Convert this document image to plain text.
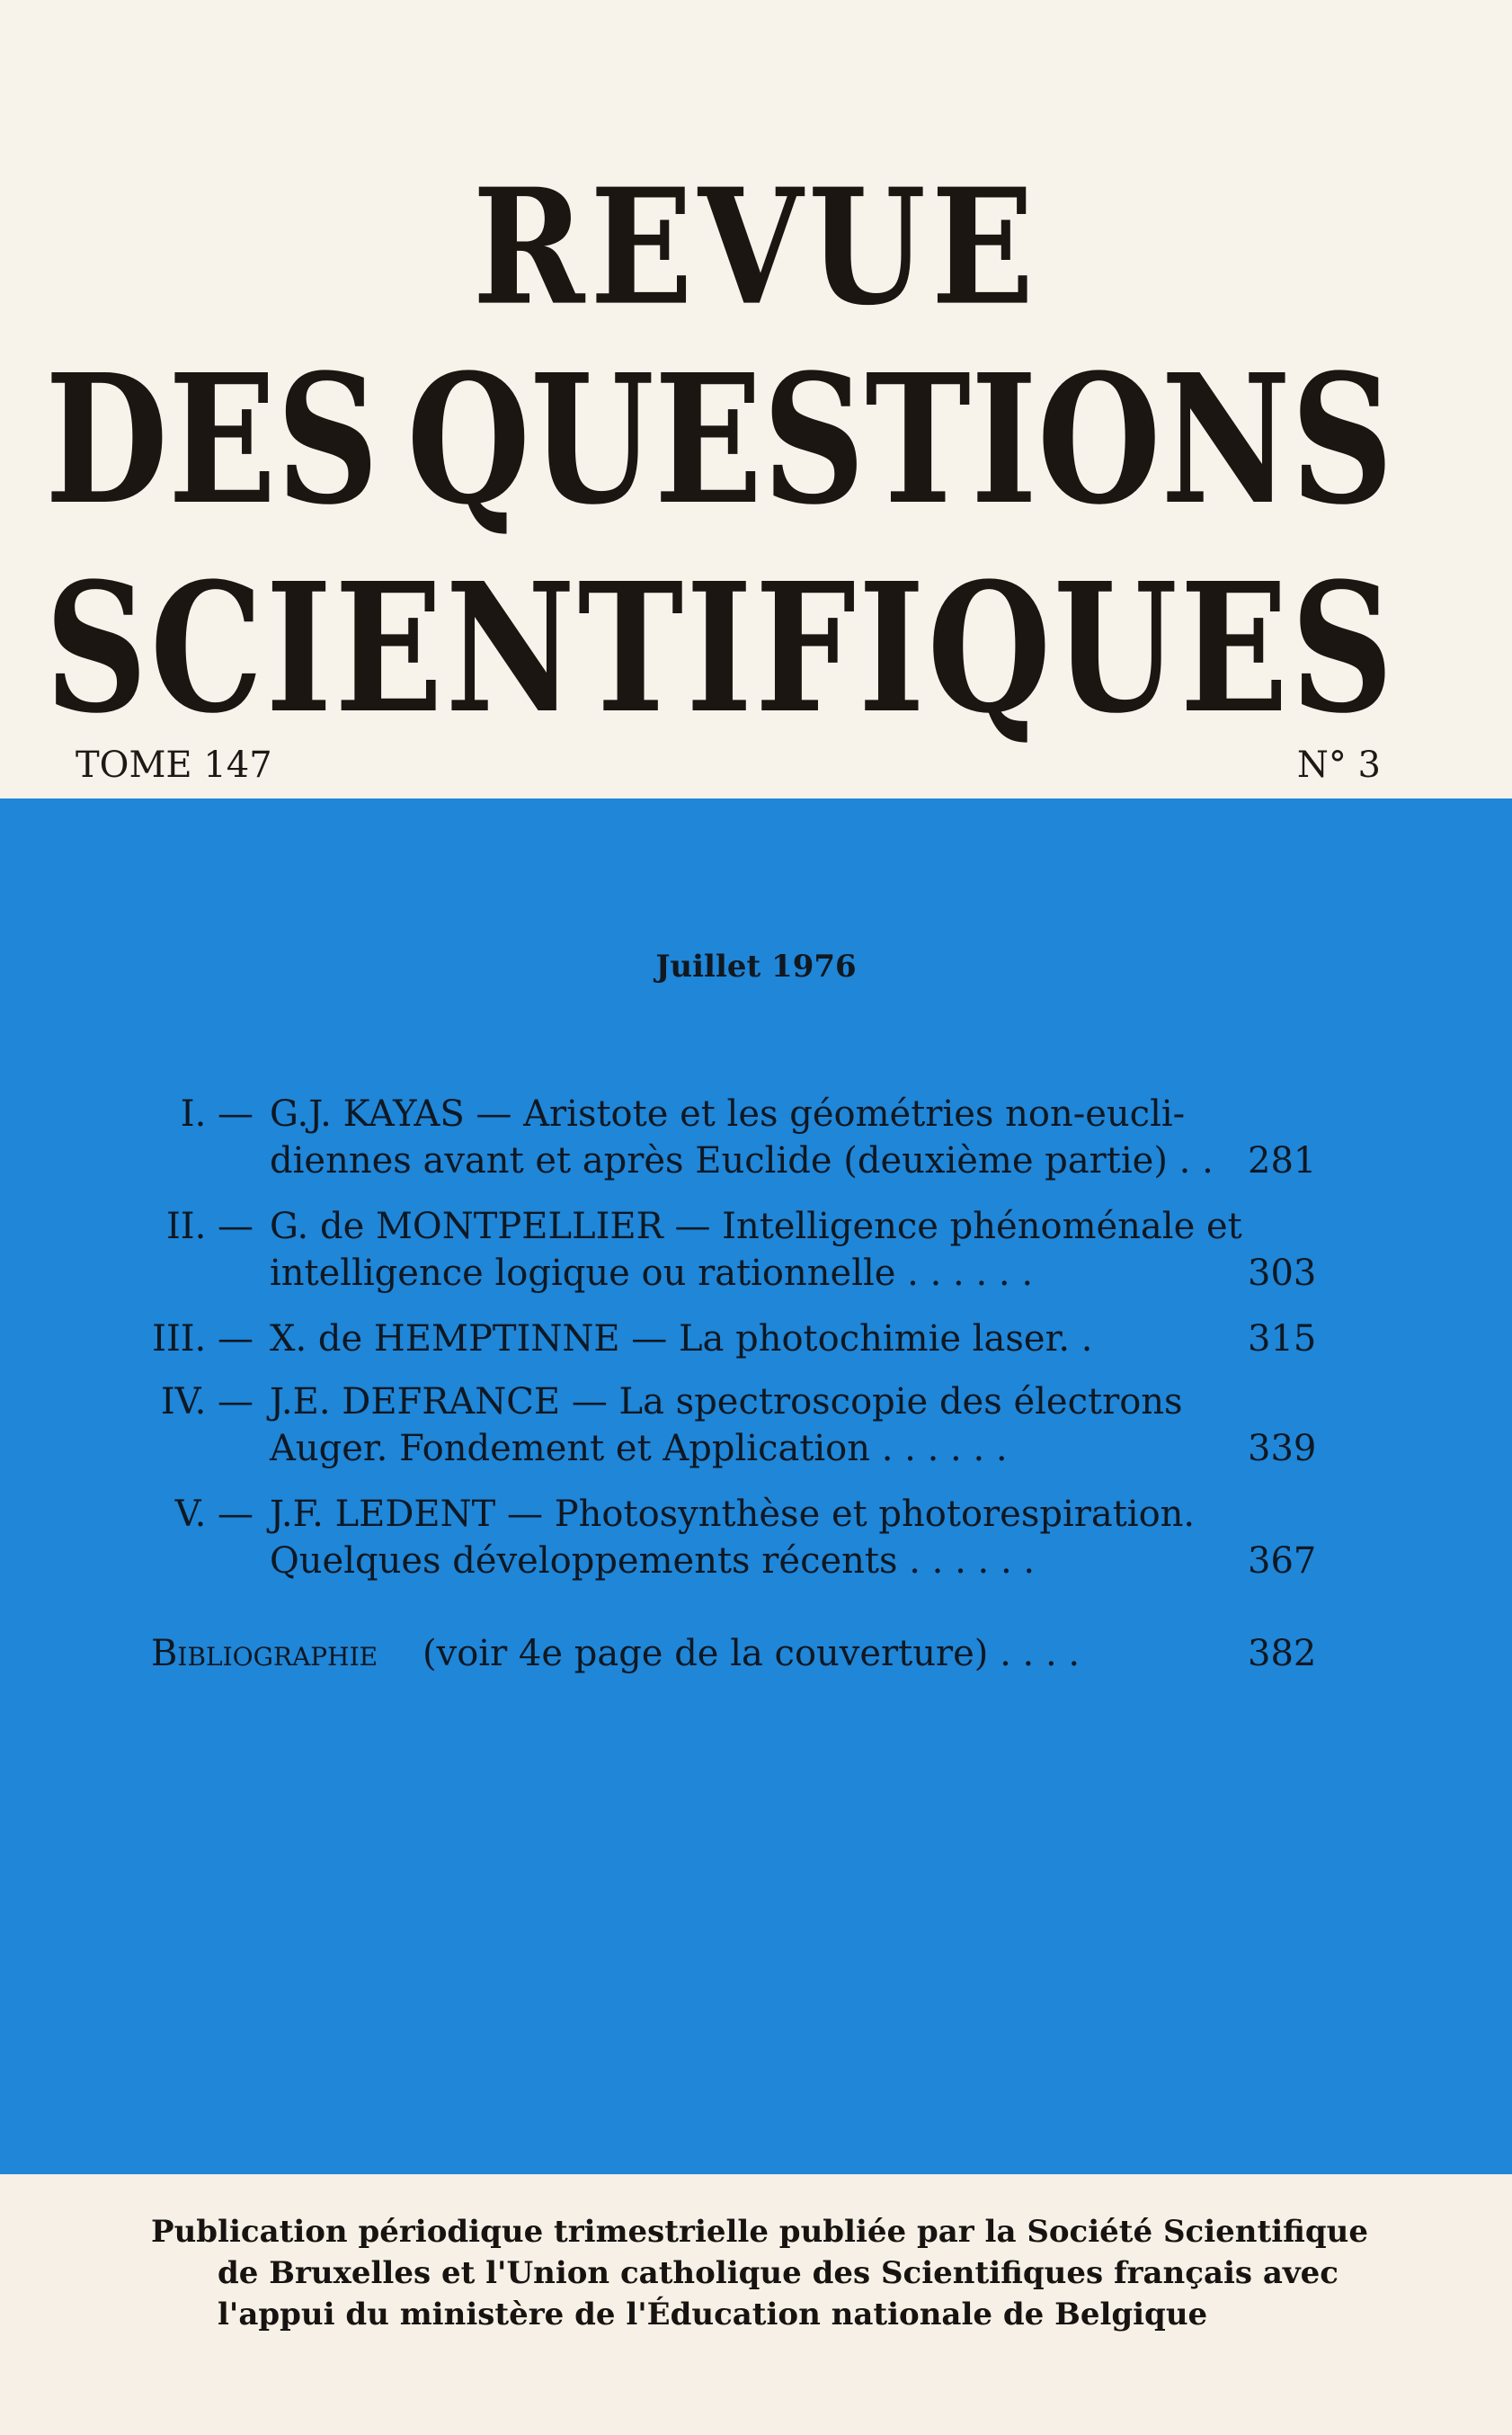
REVUE
DES QUESTIONS
S C I E N T I F I Q U E S
TOME 147	N° 3
Juillet 1976
I. — G.J. KAYAS — Aristote et les géométries non-eucli-
diennes avant et après Euclide (deuxième partie) . . 281
II. — G. de MONTPELLIER — Intelligence phénoménale et
intelligence logique ou rationnelle . . . . . .	303
III. — X. de HEMPTINNE — La photochimie laser. .	315
IV. — J.E. DEFRANCE — La spectroscopie des électrons
Auger. Fondement et Application . . . . . .	339
V. — J.F. LEDENT — Photosynthèse et photorespiration.
Quelques développements récents . . . . . .	367
Bibliographie (voir 4e page de la couverture) . . . .	382
Publication périodique trimestrielle publiée par la Société Scientifique
de Bruxelles et l'Union catholique des Scientifiques français avec
l'appui du ministère de l'Éducation nationale de Belgique
